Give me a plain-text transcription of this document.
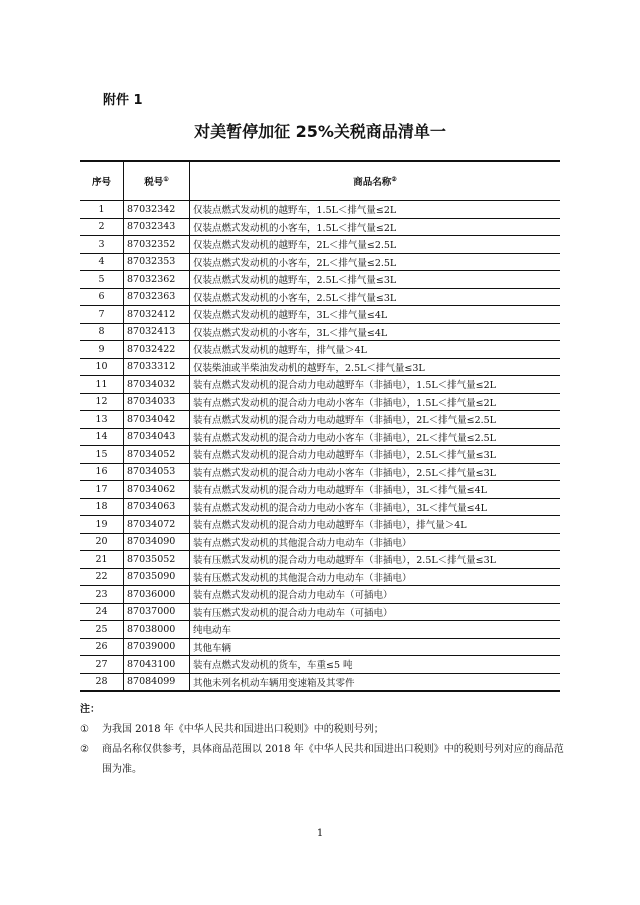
附件 1
对美暂停加征 25%关税商品清单一
序号	税号①	商品名称②
1	87032342	仅装点燃式发动机的越野车，1.5L＜排气量≤2L
2	87032343	仅装点燃式发动机的小客车，1.5L＜排气量≤2L
3	87032352	仅装点燃式发动机的越野车，2L＜排气量≤2.5L
4	87032353	仅装点燃式发动机的小客车，2L＜排气量≤2.5L
5	87032362	仅装点燃式发动机的越野车，2.5L＜排气量≤3L
6	87032363	仅装点燃式发动机的小客车，2.5L＜排气量≤3L
7	87032412	仅装点燃式发动机的越野车，3L＜排气量≤4L
8	87032413	仅装点燃式发动机的小客车，3L＜排气量≤4L
9	87032422	仅装点燃式发动机的越野车，排气量＞4L
10	87033312	仅装柴油或半柴油发动机的越野车，2.5L＜排气量≤3L
11	87034032	装有点燃式发动机的混合动力电动越野车（非插电），1.5L＜排气量≤2L
12	87034033	装有点燃式发动机的混合动力电动小客车（非插电），1.5L＜排气量≤2L
13	87034042	装有点燃式发动机的混合动力电动越野车（非插电），2L＜排气量≤2.5L
14	87034043	装有点燃式发动机的混合动力电动小客车（非插电），2L＜排气量≤2.5L
15	87034052	装有点燃式发动机的混合动力电动越野车（非插电），2.5L＜排气量≤3L
16	87034053	装有点燃式发动机的混合动力电动小客车（非插电），2.5L＜排气量≤3L
17	87034062	装有点燃式发动机的混合动力电动越野车（非插电），3L＜排气量≤4L
18	87034063	装有点燃式发动机的混合动力电动小客车（非插电），3L＜排气量≤4L
19	87034072	装有点燃式发动机的混合动力电动越野车（非插电），排气量＞4L
20	87034090	装有点燃式发动机的其他混合动力电动车（非插电）
21	87035052	装有压燃式发动机的混合动力电动越野车（非插电），2.5L＜排气量≤3L
22	87035090	装有压燃式发动机的其他混合动力电动车（非插电）
23	87036000	装有点燃式发动机的混合动力电动车（可插电）
24	87037000	装有压燃式发动机的混合动力电动车（可插电）
25	87038000	纯电动车
26	87039000	其他车辆
27	87043100	装有点燃式发动机的货车，车重≤5 吨
28	87084099	其他未列名机动车辆用变速箱及其零件
注：
①	为我国 2018 年《中华人民共和国进出口税则》中的税则号列；
②	商品名称仅供参考，具体商品范围以 2018 年《中华人民共和国进出口税则》中的税则号列对应的商品范围为准。
1
